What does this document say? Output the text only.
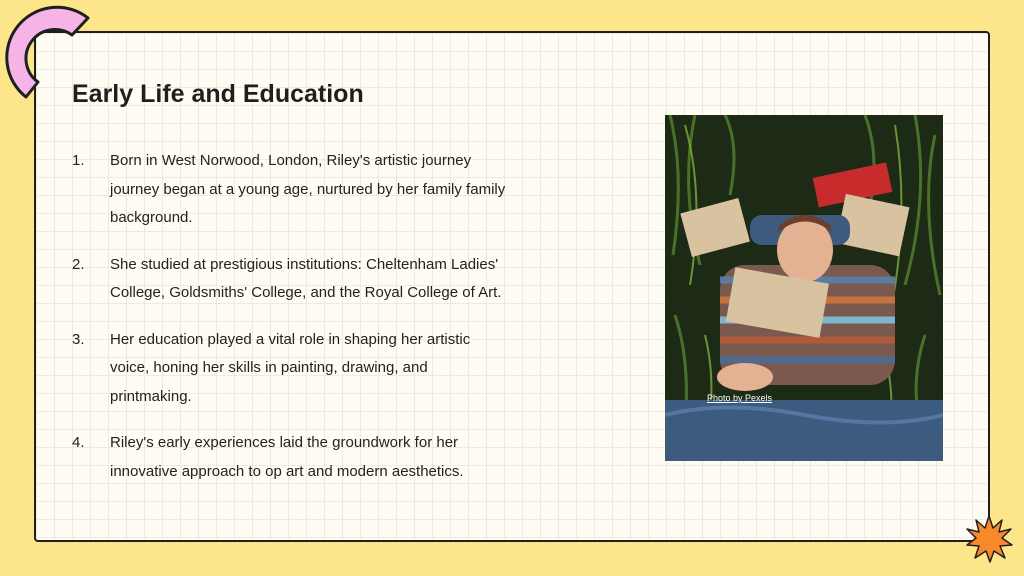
Early Life and Education
1. Born in West Norwood, London, Riley's artistic journey journey began at a young age, nurtured by her family family background.
2. She studied at prestigious institutions: Cheltenham Ladies' College, Goldsmiths' College, and the Royal College of Art.
3. Her education played a vital role in shaping her artistic voice, honing her skills in painting, drawing, and printmaking.
4. Riley's early experiences laid the groundwork for her innovative approach to op art and modern aesthetics.
Photo by Pexels
